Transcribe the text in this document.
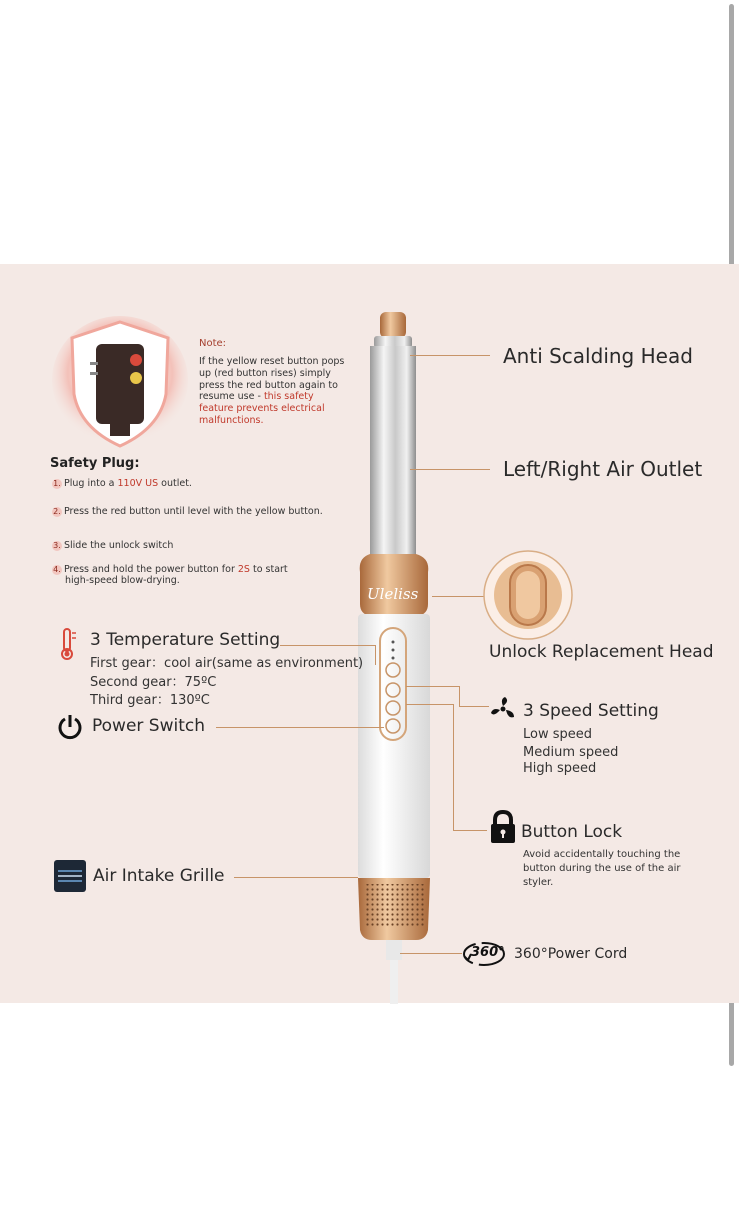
Note:
If the yellow reset button pops up (red button rises) simply press the red button again to resume use - this safety feature prevents electrical malfunctions.
Safety Plug:
1. Plug into a 110V US outlet.
2. Press the red button until level with the yellow button.
3. Slide the unlock switch
4. Press and hold the power button for 2S to start
high-speed blow-drying.
Uleliss
Anti Scalding Head
Left/Right Air Outlet
Unlock Replacement Head
3 Speed Setting
Low speed
Medium speed
High speed
Button Lock
Avoid accidentally touching the
button during the use of the air
styler.
360° 360°Power Cord
3 Temperature Setting
First gear：cool air(same as environment)
Second gear：75ºC
Third gear：130ºC
Power Switch
Air Intake Grille
